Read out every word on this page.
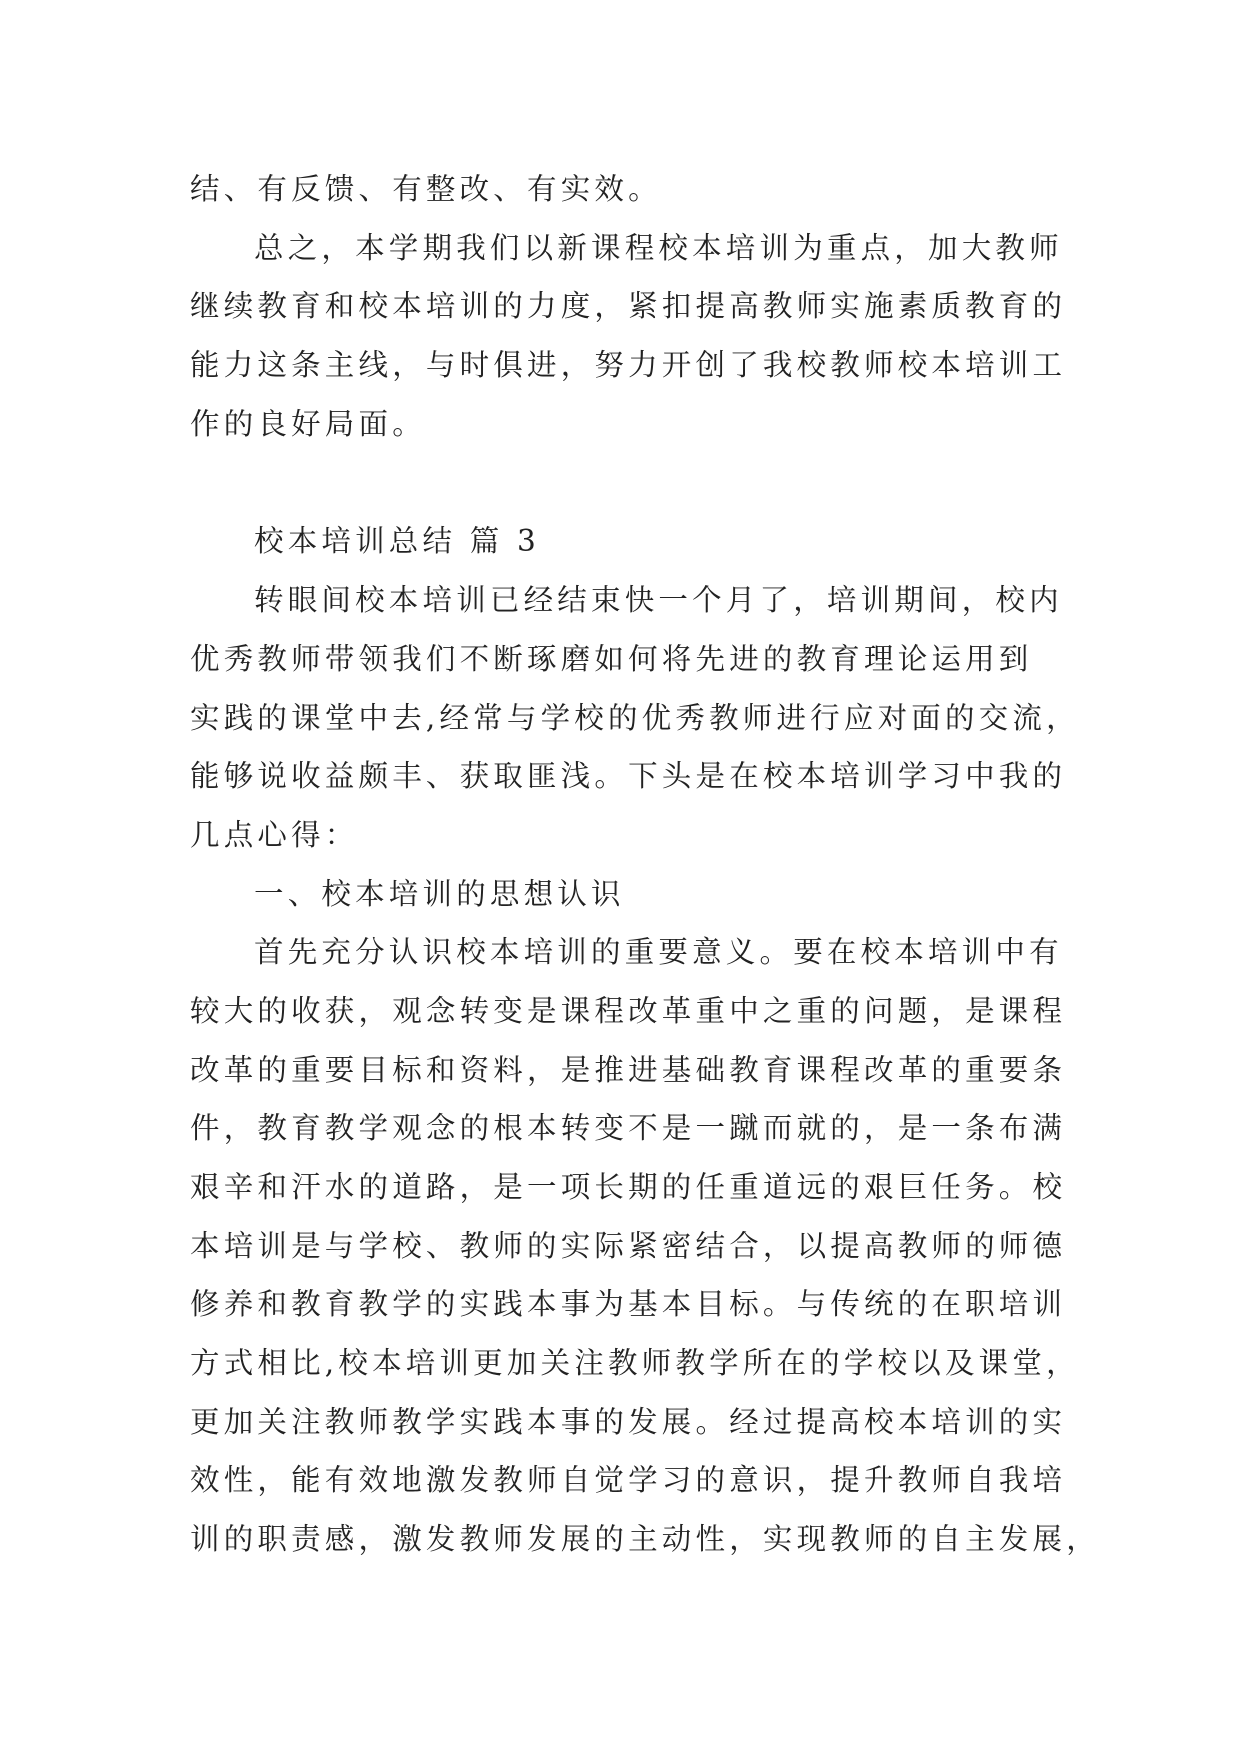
结、有反馈、有整改、有实效。
总之，本学期我们以新课程校本培训为重点，加大教师
继续教育和校本培训的力度，紧扣提高教师实施素质教育的
能力这条主线，与时俱进，努力开创了我校教师校本培训工
作的良好局面。
校本培训总结 篇 3
转眼间校本培训已经结束快一个月了，培训期间，校内
优秀教师带领我们不断琢磨如何将先进的教育理论运用到
实践的课堂中去,经常与学校的优秀教师进行应对面的交流，
能够说收益颇丰、获取匪浅。下头是在校本培训学习中我的
几点心得：
一、校本培训的思想认识
首先充分认识校本培训的重要意义。要在校本培训中有
较大的收获，观念转变是课程改革重中之重的问题，是课程
改革的重要目标和资料，是推进基础教育课程改革的重要条
件，教育教学观念的根本转变不是一蹴而就的，是一条布满
艰辛和汗水的道路，是一项长期的任重道远的艰巨任务。校
本培训是与学校、教师的实际紧密结合，以提高教师的师德
修养和教育教学的实践本事为基本目标。与传统的在职培训
方式相比,校本培训更加关注教师教学所在的学校以及课堂，
更加关注教师教学实践本事的发展。经过提高校本培训的实
效性，能有效地激发教师自觉学习的意识，提升教师自我培
训的职责感，激发教师发展的主动性，实现教师的自主发展，
